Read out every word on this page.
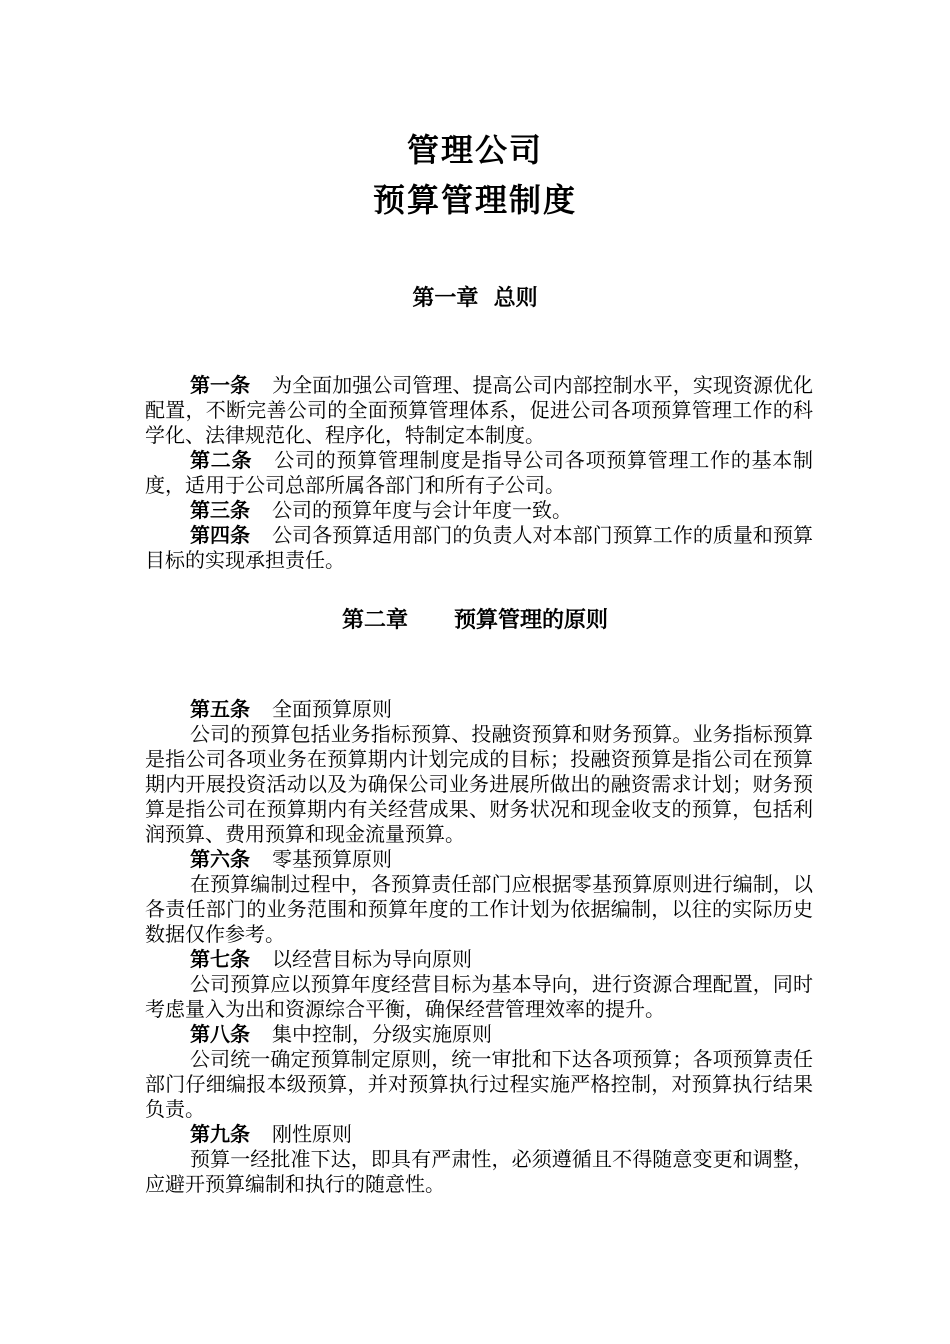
管理公司
预算管理制度
第一章  总则

第一条 为全面加强公司管理、提高公司内部控制水平，实现资源优化配置，不断完善公司的全面预算管理体系，促进公司各项预算管理工作的科学化、法律规范化、程序化，特制定本制度。

第二条 公司的预算管理制度是指导公司各项预算管理工作的基本制度，适用于公司总部所属各部门和所有子公司。

第三条 公司的预算年度与会计年度一致。

第四条 公司各预算适用部门的负责人对本部门预算工作的质量和预算目标的实现承担责任。

第二章      预算管理的原则
第五条 全面预算原则

公司的预算包括业务指标预算、投融资预算和财务预算。业务指标预算是指公司各项业务在预算期内计划完成的目标；投融资预算是指公司在预算期内开展投资活动以及为确保公司业务进展所做出的融资需求计划；财务预算是指公司在预算期内有关经营成果、财务状况和现金收支的预算，包括利润预算、费用预算和现金流量预算。

第六条 零基预算原则

在预算编制过程中，各预算责任部门应根据零基预算原则进行编制，以各责任部门的业务范围和预算年度的工作计划为依据编制，以往的实际历史数据仅作参考。

第七条 以经营目标为导向原则

公司预算应以预算年度经营目标为基本导向，进行资源合理配置，同时考虑量入为出和资源综合平衡，确保经营管理效率的提升。

第八条 集中控制，分级实施原则

公司统一确定预算制定原则，统一审批和下达各项预算；各项预算责任部门仔细编报本级预算，并对预算执行过程实施严格控制，对预算执行结果负责。

第九条 刚性原则

预算一经批准下达，即具有严肃性，必须遵循且不得随意变更和调整，应避开预算编制和执行的随意性。
